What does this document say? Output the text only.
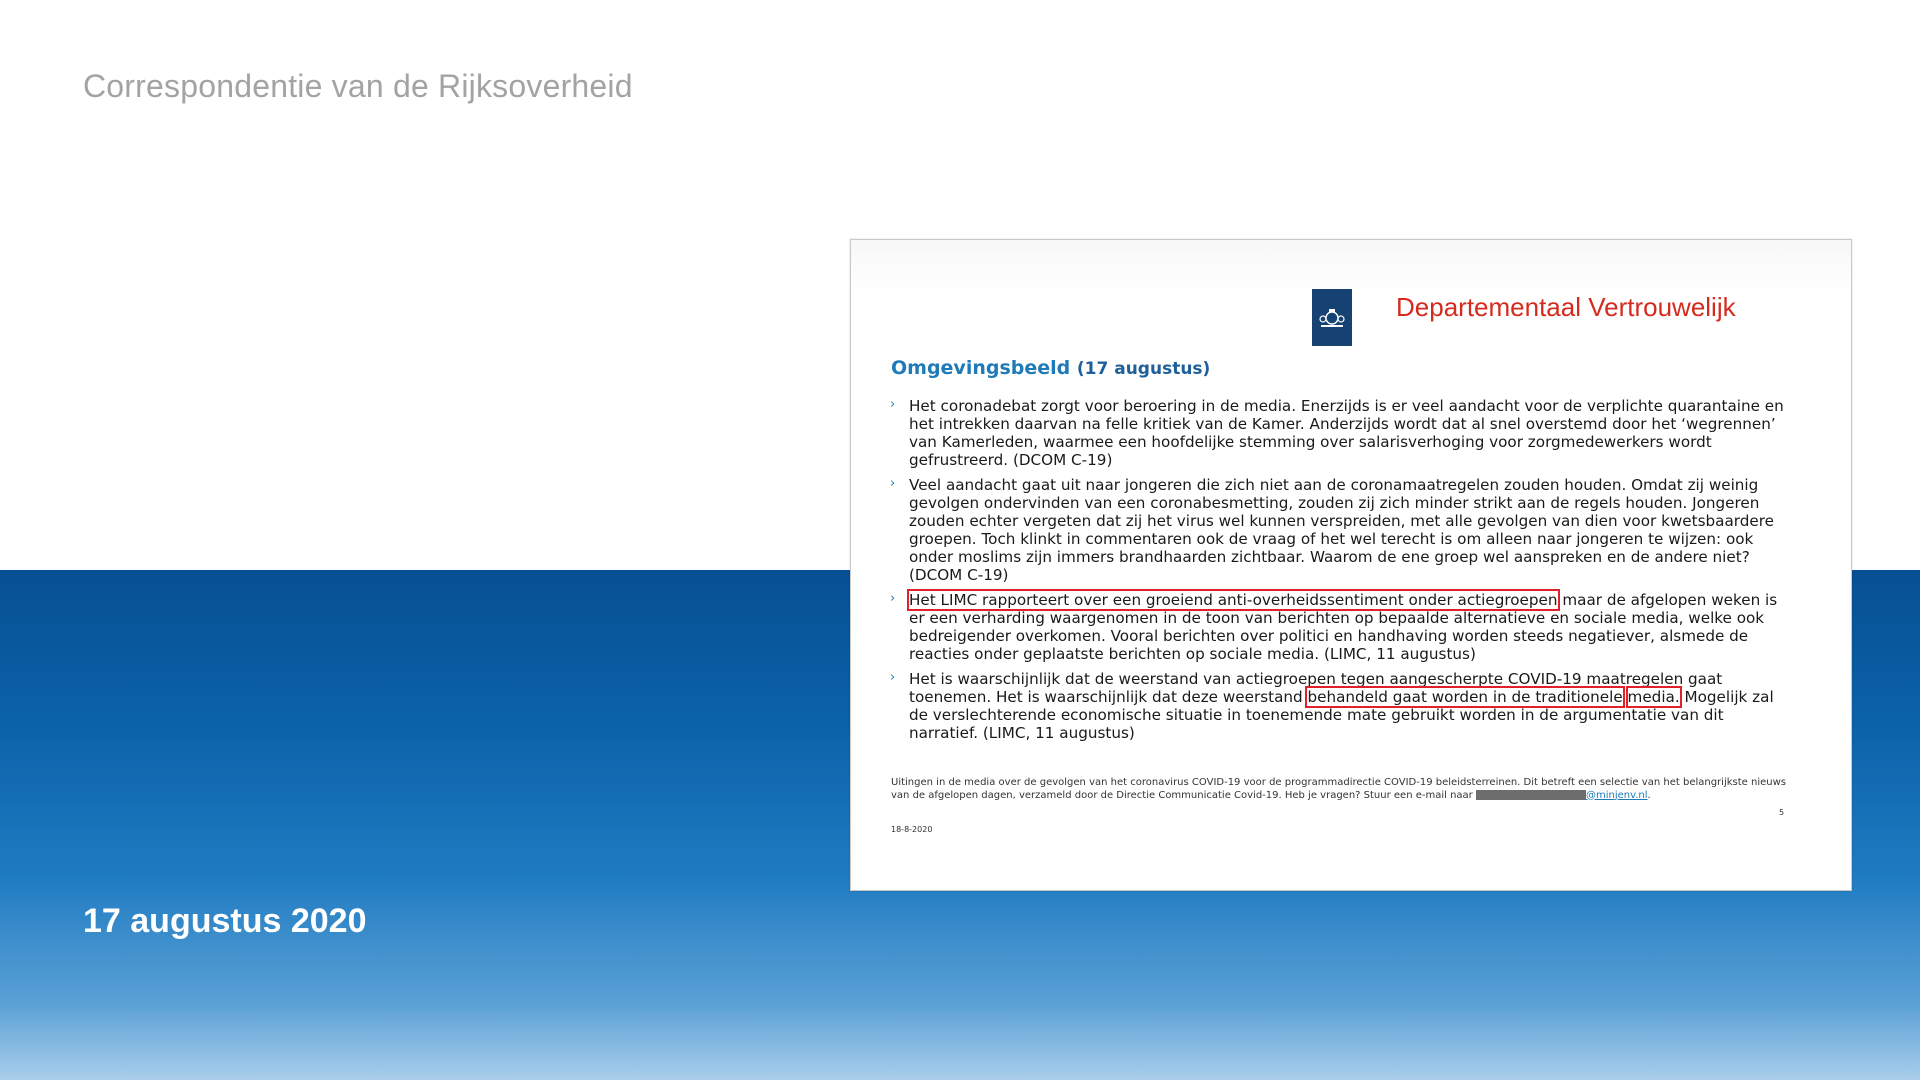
Correspondentie van de Rijksoverheid
Departementaal Vertrouwelijk
Omgevingsbeeld (17 augustus)
› Het coronadebat zorgt voor beroering in de media. Enerzijds is er veel aandacht voor de verplichte quarantaine en het intrekken daarvan na felle kritiek van de Kamer. Anderzijds wordt dat al snel overstemd door het ‘wegrennen’ van Kamerleden, waarmee een hoofdelijke stemming over salarisverhoging voor zorgmedewerkers wordt gefrustreerd. (DCOM C-19)
› Veel aandacht gaat uit naar jongeren die zich niet aan de coronamaatregelen zouden houden. Omdat zij weinig gevolgen ondervinden van een coronabesmetting, zouden zij zich minder strikt aan de regels houden. Jongeren zouden echter vergeten dat zij het virus wel kunnen verspreiden, met alle gevolgen van dien voor kwetsbaardere groepen. Toch klinkt in commentaren ook de vraag of het wel terecht is om alleen naar jongeren te wijzen: ook onder moslims zijn immers brandhaarden zichtbaar. Waarom de ene groep wel aanspreken en de andere niet? (DCOM C-19)
› Het LIMC rapporteert over een groeiend anti-overheidssentiment onder actiegroepen maar de afgelopen weken is er een verharding waargenomen in de toon van berichten op bepaalde alternatieve en sociale media, welke ook bedreigender overkomen. Vooral berichten over politici en handhaving worden steeds negatiever, alsmede de reacties onder geplaatste berichten op sociale media. (LIMC, 11 augustus)
› Het is waarschijnlijk dat de weerstand van actiegroepen tegen aangescherpte COVID-19 maatregelen gaat toenemen. Het is waarschijnlijk dat deze weerstand behandeld gaat worden in de traditionele media. Mogelijk zal de verslechterende economische situatie in toenemende mate gebruikt worden in de argumentatie van dit narratief. (LIMC, 11 augustus)
Uitingen in de media over de gevolgen van het coronavirus COVID-19 voor de programmadirectie COVID-19 beleidsterreinen. Dit betreft een selectie van het belangrijkste nieuws van de afgelopen dagen, verzameld door de Directie Communicatie Covid-19. Heb je vragen? Stuur een e-mail naar	@minjenv.nl.
5
18-8-2020
17 augustus 2020
